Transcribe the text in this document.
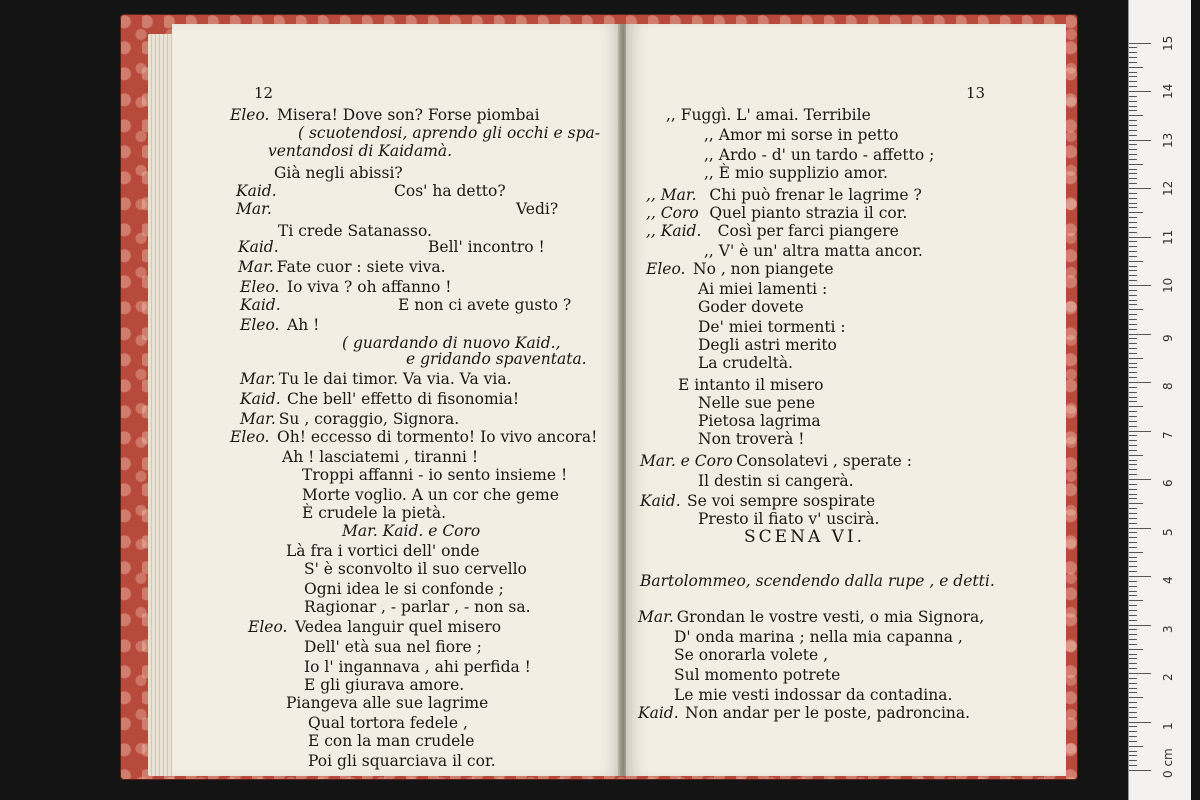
12
Eleo. Misera! Dove son? Forse piombai
( scuotendosi, aprendo gli occhi e spa-
ventandosi di Kaidamà.
Già negli abissi?
Kaid.	Cos' ha detto?
Mar.	Vedi?
Ti crede Satanasso.
Kaid.	Bell' incontro !
Mar. Fate cuor : siete viva.
Eleo. Io viva ? oh affanno !
Kaid.	E non ci avete gusto ?
Eleo. Ah !
( guardando di nuovo Kaid.,
e gridando spaventata.
Mar. Tu le dai timor. Va via. Va via.
Kaid. Che bell' effetto di fisonomia!
Mar. Su , coraggio, Signora.
Eleo. Oh! eccesso di tormento! Io vivo ancora!
Ah ! lasciatemi , tiranni !
Troppi affanni - io sento insieme !
Morte voglio. A un cor che geme
È crudele la pietà.
Mar. Kaid. e Coro
Là fra i vortici dell' onde
S' è sconvolto il suo cervello
Ogni idea le si confonde ;
Ragionar , - parlar , - non sa.
Eleo. Vedea languir quel misero
Dell' età sua nel fiore ;
Io l' ingannava , ahi perfida !
E gli giurava amore.
Piangeva alle sue lagrime
Qual tortora fedele ,
E con la man crudele
Poi gli squarciava il cor.
13
,, Fuggì. L' amai. Terribile
,, Amor mi sorse in petto
,, Ardo - d' un tardo - affetto ;
,, È mio supplizio amor.
,, Mar. Chi può frenar le lagrime ?
,, Coro Quel pianto strazia il cor.
,, Kaid. Così per farci piangere
,, V' è un' altra matta ancor.
Eleo. No , non piangete
Ai miei lamenti :
Goder dovete
De' miei tormenti :
Degli astri merito
La crudeltà.
E intanto il misero
Nelle sue pene
Pietosa lagrima
Non troverà !
Mar. e Coro Consolatevi , sperate :
Il destin si cangerà.
Kaid. Se voi sempre sospirate
Presto il fiato v' uscirà.
SCENA VI.
Bartolommeo, scendendo dalla rupe , e detti.
Mar. Grondan le vostre vesti, o mia Signora,
D' onda marina ; nella mia capanna ,
Se onorarla volete ,
Sul momento potrete
Le mie vesti indossar da contadina.
Kaid. Non andar per le poste, padroncina.
0 cm
1
2
3
4
5
6
7
8
9
10
11
12
13
14
15
